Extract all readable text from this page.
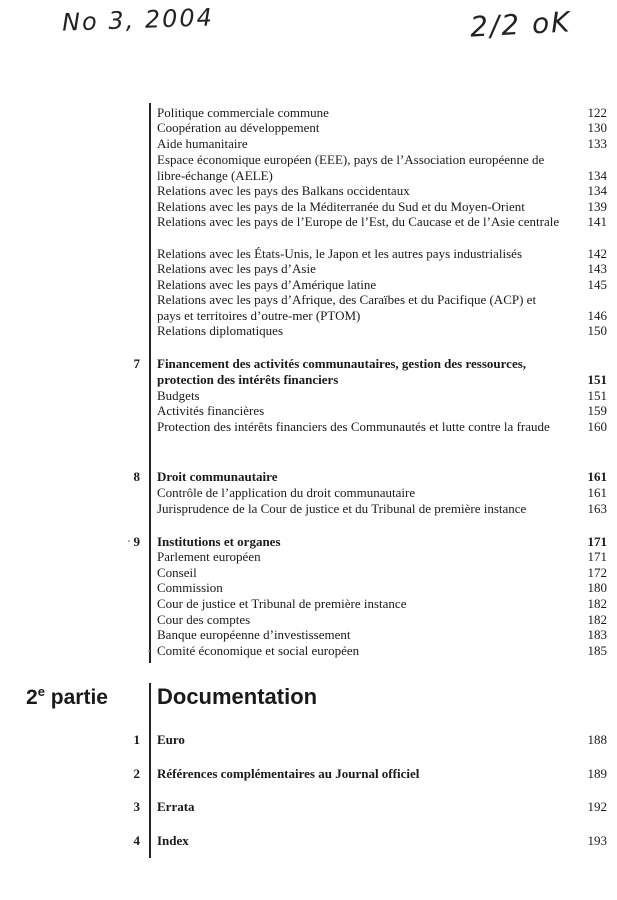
No 3, 2004	2/2 oK
Politique commerciale commune	122
Coopération au développement	130
Aide humanitaire	133
Espace économique européen (EEE), pays de l’Association européenne de libre-échange (AELE)	134
Relations avec les pays des Balkans occidentaux	134
Relations avec les pays de la Méditerranée du Sud et du Moyen-Orient	139
Relations avec les pays de l’Europe de l’Est, du Caucase et de l’Asie centrale 141
Relations avec les États-Unis, le Japon et les autres pays industrialisés	142
Relations avec les pays d’Asie	143
Relations avec les pays d’Amérique latine	145
Relations avec les pays d’Afrique, des Caraïbes et du Pacifique (ACP) et pays et territoires d’outre-mer (PTOM)	146
Relations diplomatiques	150
7 Financement des activités communautaires, gestion des ressources, protection des intérêts financiers	151
Budgets	151
Activités financières	159
Protection des intérêts financiers des Communautés et lutte contre la fraude	160
8 Droit communautaire	161
Contrôle de l’application du droit communautaire	161
Jurisprudence de la Cour de justice et du Tribunal de première instance	163
9 Institutions et organes	171
Parlement européen	171
Conseil	172
Commission	180
Cour de justice et Tribunal de première instance	182
Cour des comptes	182
Banque européenne d’investissement	183
Comité économique et social européen	185
2e partie Documentation
1 Euro	188
2 Références complémentaires au Journal officiel	189
3 Errata	192
4 Index	193
